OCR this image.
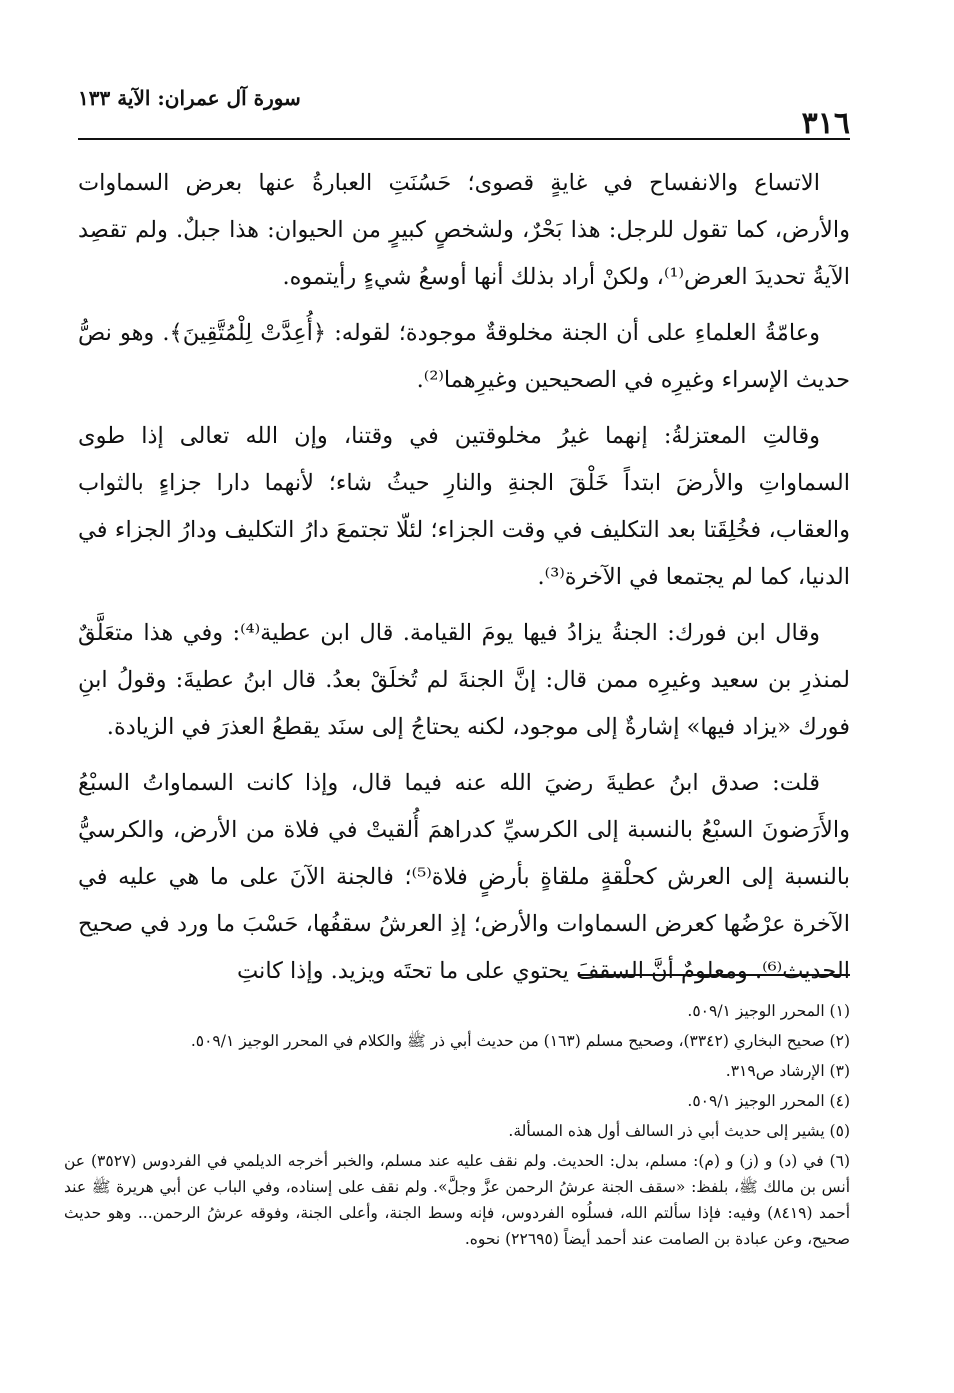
٣١٦
سورة آل عمران: الآية ١٣٣

الاتساع والانفساح في غايةٍ قصوى؛ حَسُنَتِ العبارةُ عنها بعرض السماوات والأرض، كما تقول للرجل: هذا بَحْرٌ، ولشخصٍ كبيرٍ من الحيوان: هذا جبلٌ. ولم تقصِد الآيةُ تحديدَ العرض⁽¹⁾، ولكنْ أراد بذلك أنها أوسعُ شيءٍ رأيتموه.

وعامّةُ العلماءِ على أن الجنة مخلوقةٌ موجودة؛ لقوله: ﴿أُعِدَّتْ لِلْمُتَّقِينَ﴾. وهو نصُّ حديث الإسراء وغيرِه في الصحيحين وغيرِهما⁽²⁾.

وقالتِ المعتزلةُ: إنهما غيرُ مخلوقتين في وقتنا، وإن الله تعالى إذا طوى السماواتِ والأرضَ ابتداً خَلْقَ الجنةِ والنارِ حيثُ شاء؛ لأنهما دارا جزاءٍ بالثواب والعقاب، فخُلِقَتا بعد التكليف في وقت الجزاء؛ لئلّا تجتمعَ دارُ التكليف ودارُ الجزاء في الدنيا، كما لم يجتمعا في الآخرة⁽³⁾.

وقال ابن فورك: الجنةُ يزادُ فيها يومَ القيامة. قال ابن عطية⁽⁴⁾: وفي هذا متعَلَّقٌ لمنذرِ بن سعيد وغيرِه ممن قال: إنَّ الجنةَ لم تُخلَقْ بعدُ. قال ابنُ عطيةَ: وقولُ ابنِ فورك «يزاد فيها» إشارةٌ إلى موجود، لكنه يحتاجُ إلى سنَد يقطعُ العذرَ في الزيادة.

قلت: صدق ابنُ عطيةَ رضيَ الله عنه فيما قال، وإذا كانت السماواتُ السبْعُ والأَرَضونَ السبْعُ بالنسبة إلى الكرسيِّ كدراهمَ أُلقيتْ في فلاة من الأرض، والكرسيُّ بالنسبة إلى العرش كحلْقةٍ ملقاةٍ بأرضٍ فلاة⁽⁵⁾؛ فالجنة الآنَ على ما هي عليه في الآخرة عرْضُها كعرض السماوات والأرض؛ إذِ العرشُ سقفُها، حَسْبَ ما ورد في صحيح الحديث⁽⁶⁾. ومعلومٌ أنَّ السقفَ يحتوي على ما تحتَه ويزيد. وإذا كانتِ

(١) المحرر الوجيز ٥٠٩/١.

(٢) صحيح البخاري (٣٣٤٢)، وصحيح مسلم (١٦٣) من حديث أبي ذر ﷺ والكلام في المحرر الوجيز ٥٠٩/١.

(٣) الإرشاد ص٣١٩.

(٤) المحرر الوجيز ٥٠٩/١.

(٥) يشير إلى حديث أبي ذر السالف أول هذه المسألة.

(٦) في (د) و (ز) و (م): مسلم، بدل: الحديث. ولم نقف عليه عند مسلم، والخبر أخرجه الديلمي في الفردوس (٣٥٢٧) عن أنس بن مالك ﷺ، بلفظ: «سقف الجنة عرشُ الرحمن عزَّ وجلَّ». ولم نقف على إسناده، وفي الباب عن أبي هريرة ﷺ عند أحمد (٨٤١٩) وفيه: فإذا سألتم الله، فسلُوه الفردوس، فإنه وسط الجنة، وأعلى الجنة، وفوقه عرشُ الرحمن... وهو حديث صحيح، وعن عبادة بن الصامت عند أحمد أيضاً (٢٢٦٩٥) نحوه.
